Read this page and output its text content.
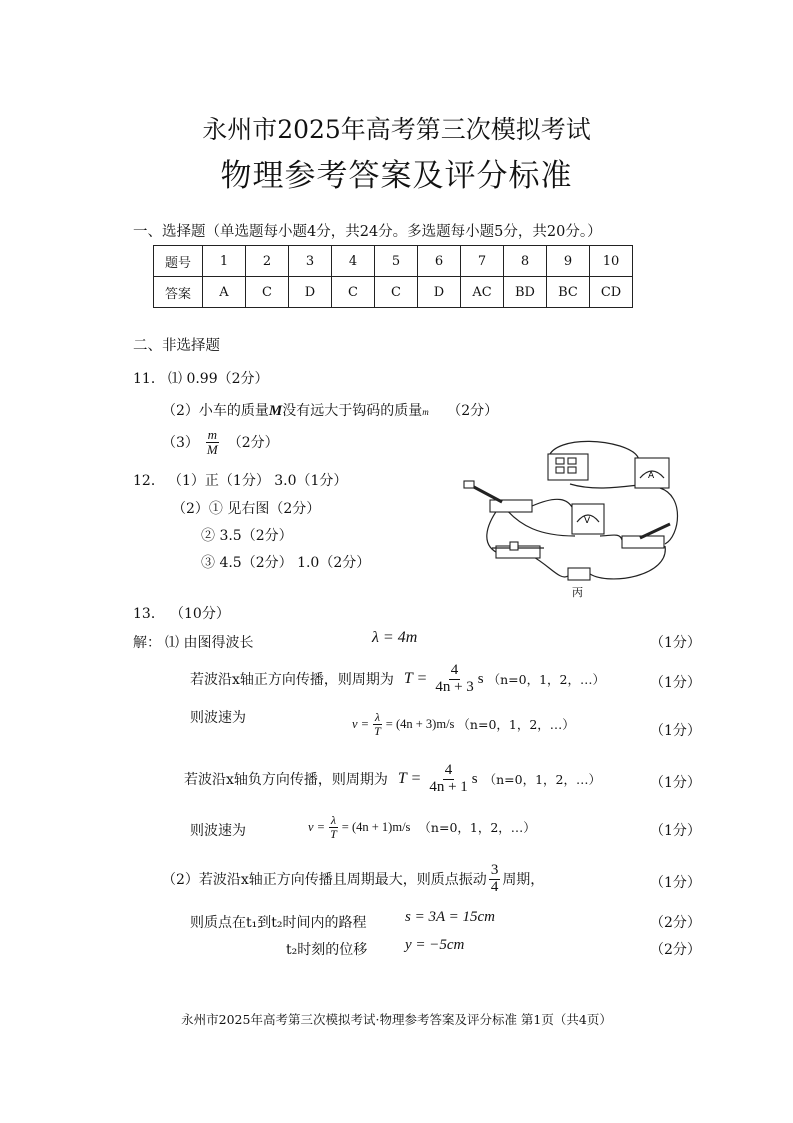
永州市2025年高考第三次模拟考试
物理参考答案及评分标准
一、选择题（单选题每小题4分，共24分。多选题每小题5分，共20分。）
题号	1	2	3	4	5	6	7	8	9	10
答案	A	C	D	C	C	D	AC	BD	BC	CD
二、非选择题
11． ⑴ 0.99（2分）
（2）小车的质量M没有远大于钩码的质量m （2分）
$(3) \frac{m}{M} (2$分）
12． （1）正（1分） 3.0（1分）
（2）① 见右图（2分）
② 3.5（2分）
③ 4.5（2分） 1.0（2分）
A
V
丙
13． （10分）
解： ⑴ 由图得波长	λ = 4m	（1分）
若波沿x轴正方向传播，则周期为 $T = \frac{4}{4n + 3}$ s （n=0，1，2，…）	（1分）
则波速为	$v = \frac{\lambda}{T} = (4n + 3)m/s$ （n=0，1，2，…）	（1分）
若波沿x轴负方向传播，则周期为 $T = \frac{4}{4n + 1}$ s （n=0，1，2，…）	（1分）
则波速为	$v = \frac{\lambda}{T} = (4n + 1)m/s$ （n=0，1，2，…）	（1分）
（2）若波沿x轴正方向传播且周期最大，则质点振动 $\frac{3}{4}$ 周期，	（1分）
则质点在t₁到t₂时间内的路程	s = 3A = 15cm	（2分）
t₂时刻的位移	y = −5cm	（2分）
永州市2025年高考第三次模拟考试·物理参考答案及评分标准 第1页（共4页）
